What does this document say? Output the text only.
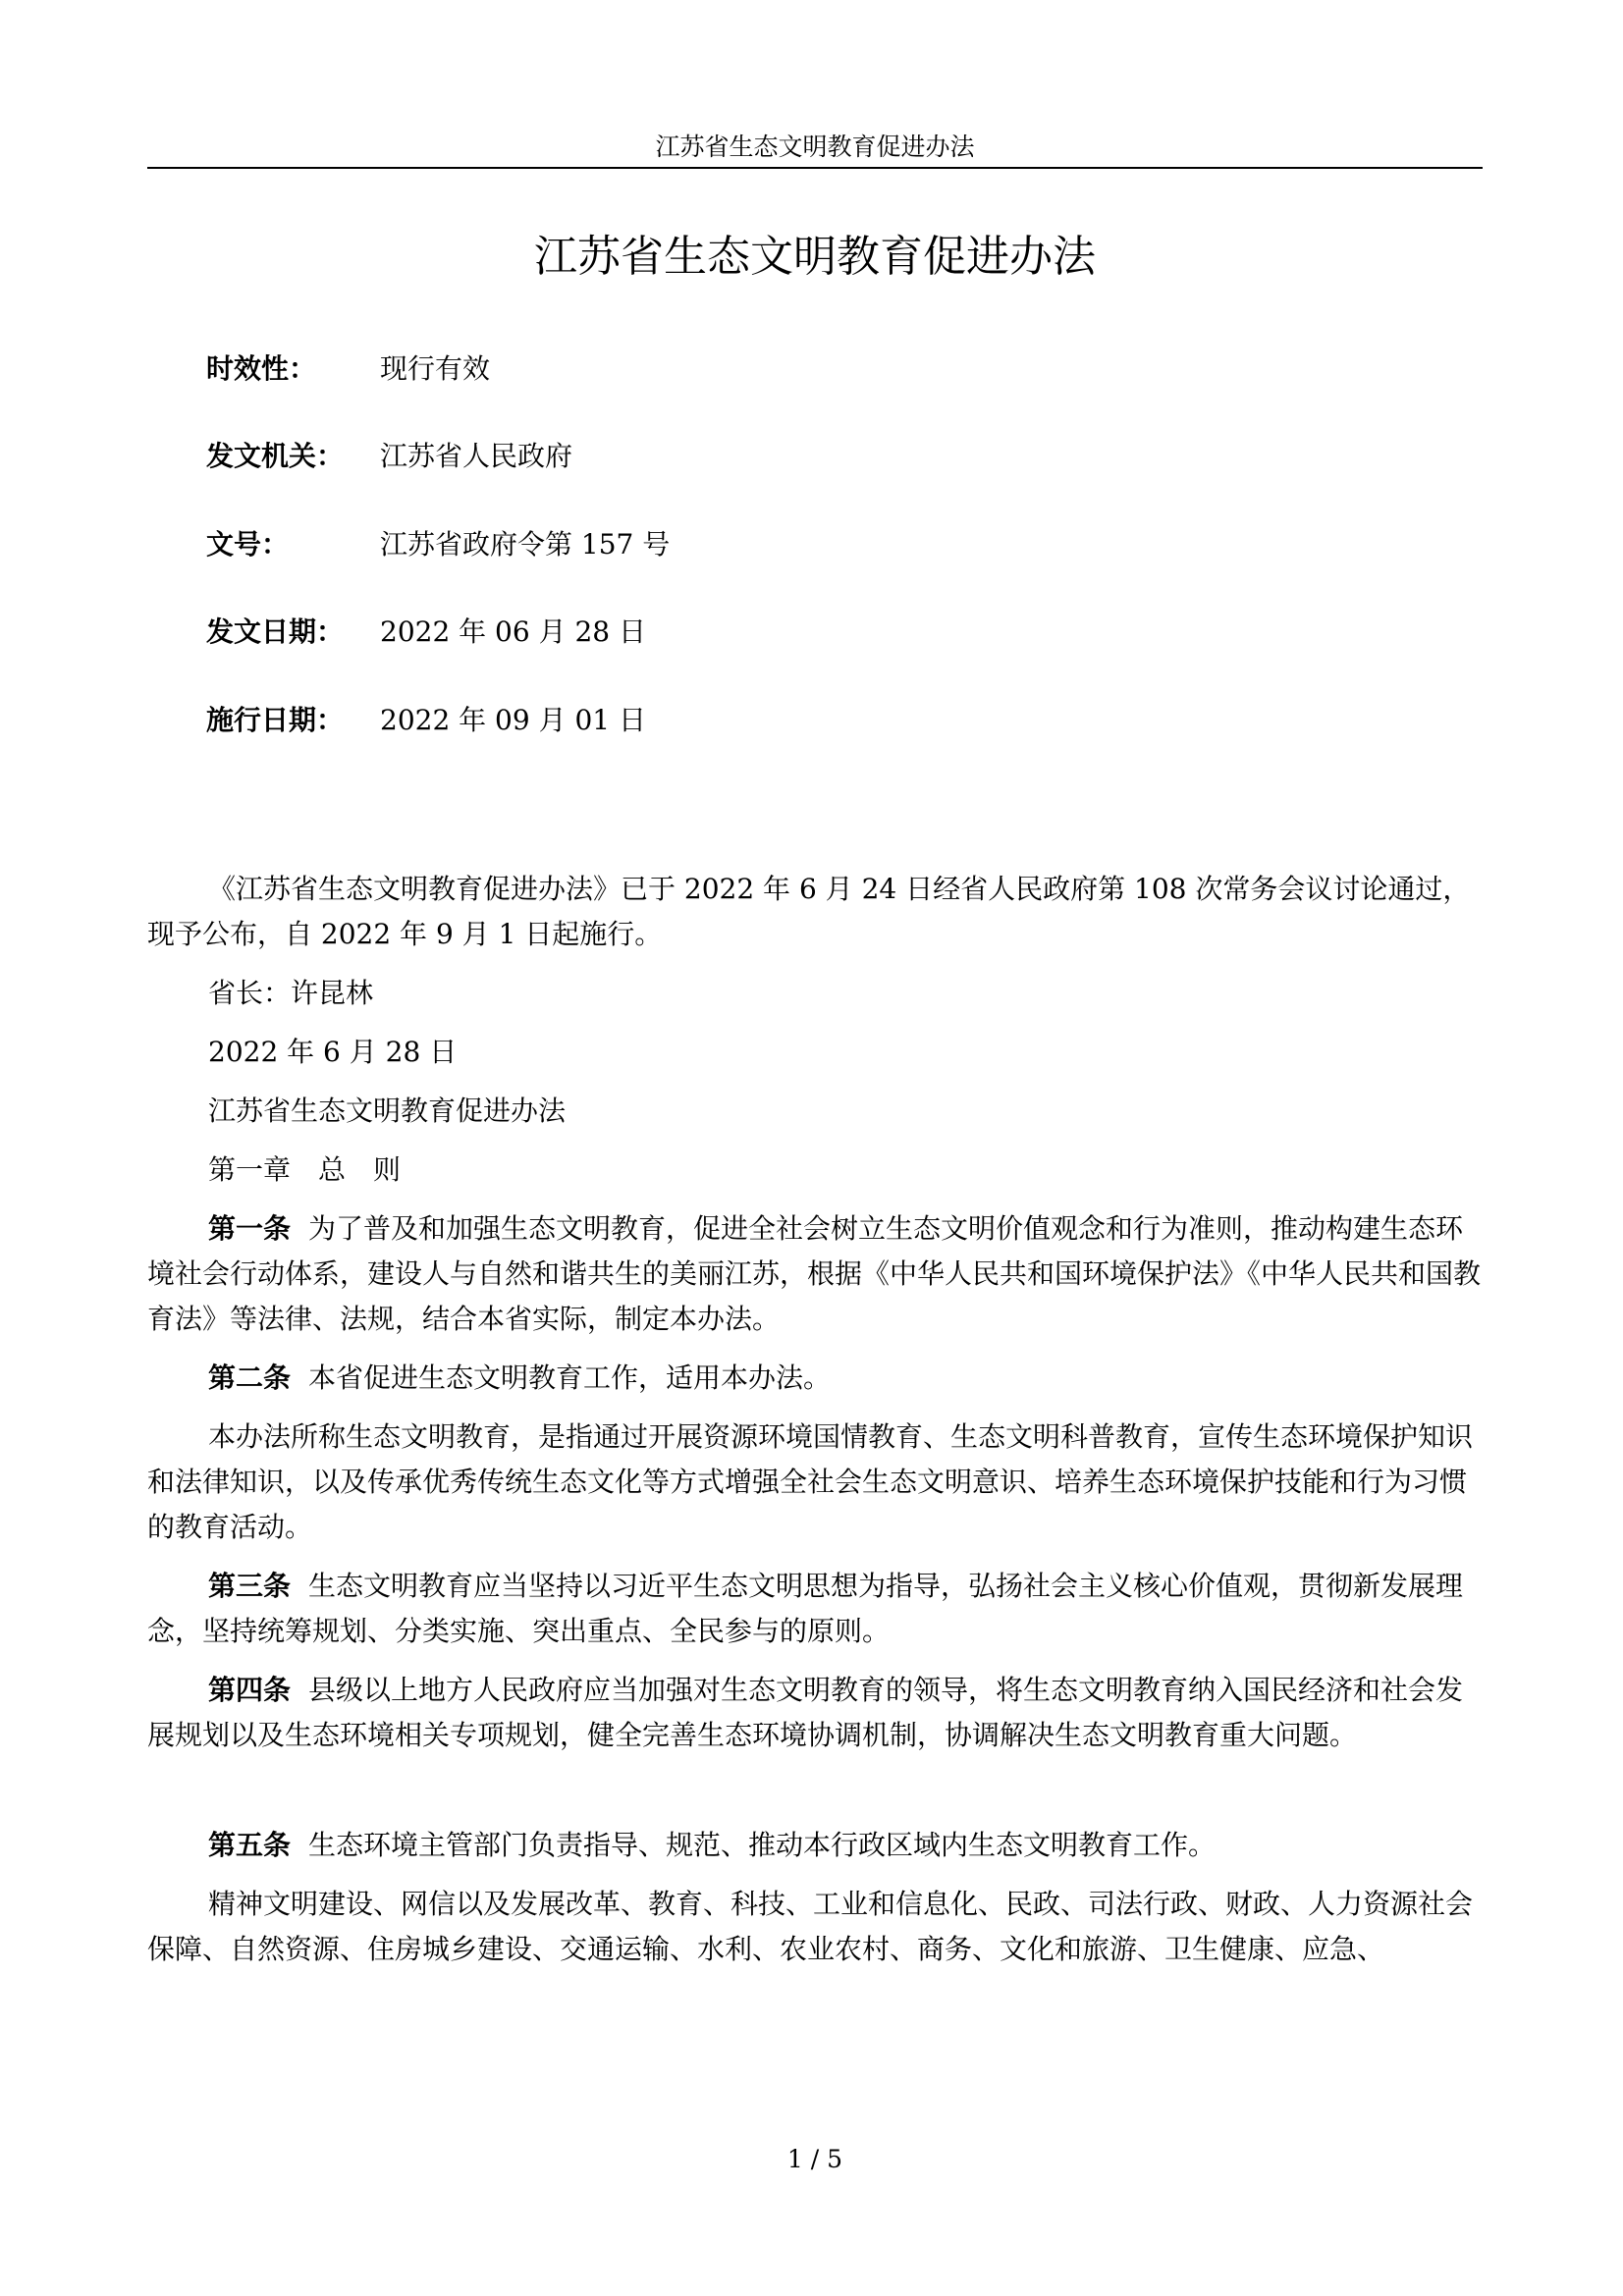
江苏省生态文明教育促进办法
江苏省生态文明教育促进办法
时效性：	现行有效
发文机关：	江苏省人民政府
文号：	江苏省政府令第 157 号
发文日期：	2022 年 06 月 28 日
施行日期：	2022 年 09 月 01 日

《江苏省生态文明教育促进办法》已于 2022 年 6 月 24 日经省人民政府第 108 次常务会议讨论通过，现予公布，自 2022 年 9 月 1 日起施行。

省长：许昆林

2022 年 6 月 28 日

江苏省生态文明教育促进办法

第一章　总　则

第一条 为了普及和加强生态文明教育，促进全社会树立生态文明价值观念和行为准则，推动构建生态环境社会行动体系，建设人与自然和谐共生的美丽江苏，根据《中华人民共和国环境保护法》《中华人民共和国教育法》等法律、法规，结合本省实际，制定本办法。

第二条 本省促进生态文明教育工作，适用本办法。

本办法所称生态文明教育，是指通过开展资源环境国情教育、生态文明科普教育，宣传生态环境保护知识和法律知识，以及传承优秀传统生态文化等方式增强全社会生态文明意识、培养生态环境保护技能和行为习惯的教育活动。

第三条 生态文明教育应当坚持以习近平生态文明思想为指导，弘扬社会主义核心价值观，贯彻新发展理念，坚持统筹规划、分类实施、突出重点、全民参与的原则。

第四条 县级以上地方人民政府应当加强对生态文明教育的领导，将生态文明教育纳入国民经济和社会发展规划以及生态环境相关专项规划，健全完善生态环境协调机制，协调解决生态文明教育重大问题。

第五条 生态环境主管部门负责指导、规范、推动本行政区域内生态文明教育工作。

精神文明建设、网信以及发展改革、教育、科技、工业和信息化、民政、司法行政、财政、人力资源社会保障、自然资源、住房城乡建设、交通运输、水利、农业农村、商务、文化和旅游、卫生健康、应急、

1 / 5
